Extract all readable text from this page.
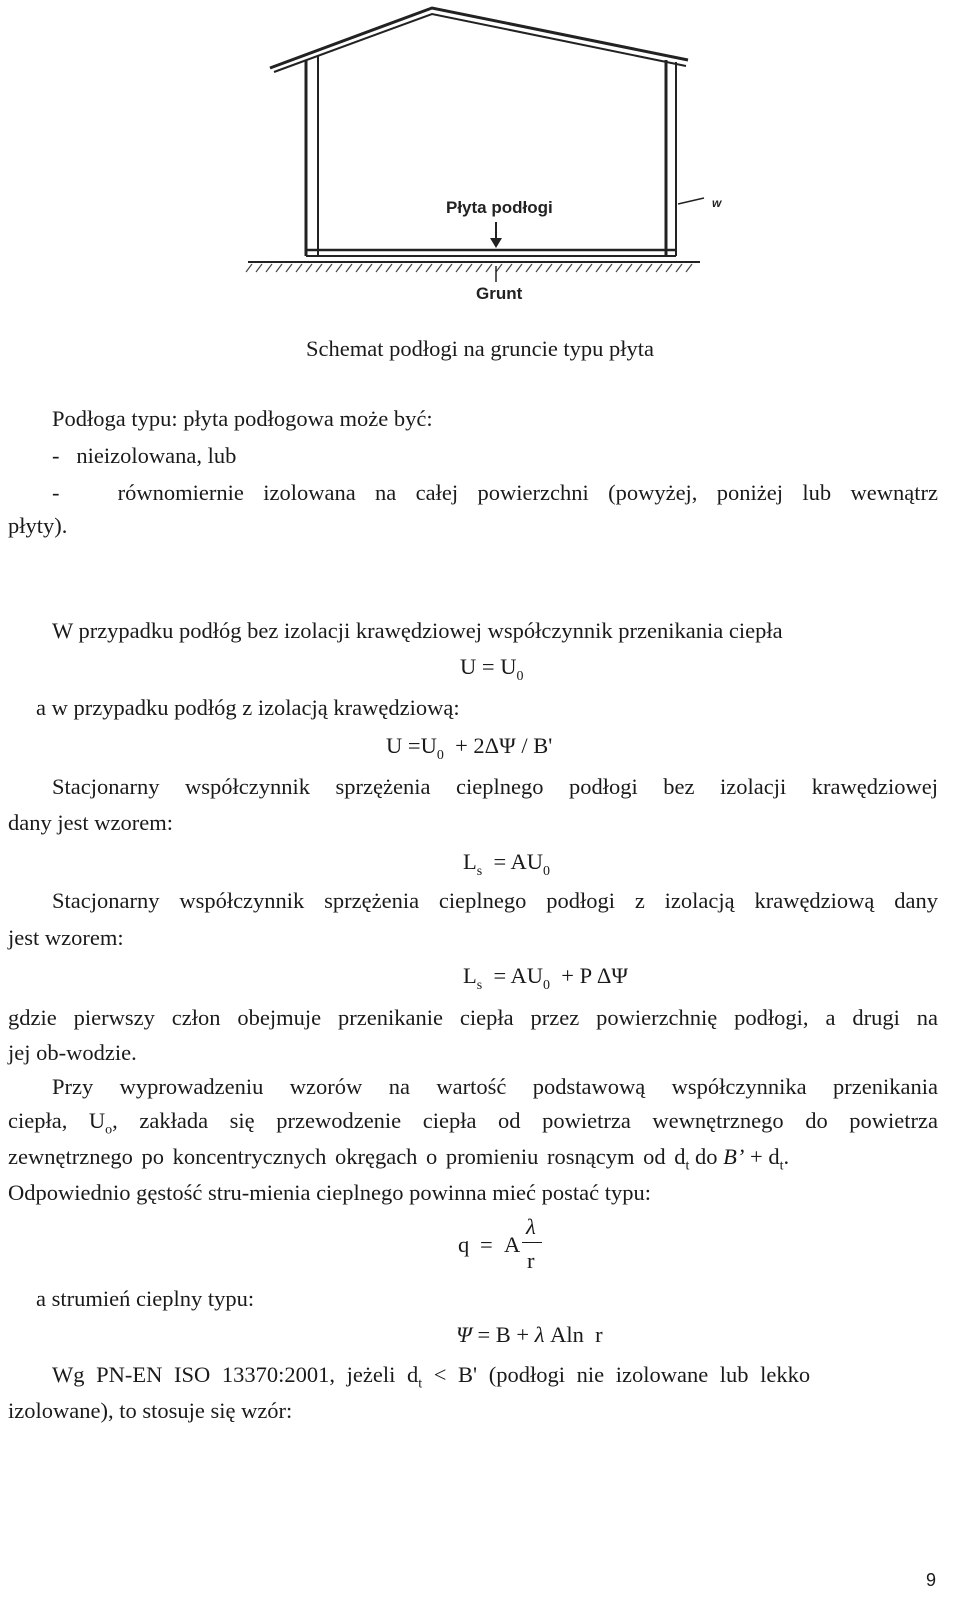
Płyta podłogi	w
Grunt
Schemat podłogi na gruncie typu płyta
Podłoga typu: płyta podłogowa może być:
-   nieizolowana, lub
-   równomiernie izolowana na całej powierzchni (powyżej, poniżej lub wewnątrz
płyty).
W przypadku podłóg bez izolacji krawędziowej współczynnik przenikania ciepła
$U = U_0$
a w przypadku podłóg z izolacją krawędziową:
$U =U_0 + 2\Delta\Psi / B'$
Stacjonarny współczynnik sprzężenia cieplnego podłogi bez izolacji krawędziowej
dany jest wzorem:
$L_s = AU_0$
Stacjonarny współczynnik sprzężenia cieplnego podłogi z izolacją krawędziową dany
jest wzorem:
$L_s = AU_0 + P$ ΔΨ
gdzie pierwszy człon obejmuje przenikanie ciepła przez powierzchnię podłogi, a drugi na
jej ob-wodzie.
Przy wyprowadzeniu wzorów na wartość podstawową współczynnika przenikania
ciepła, $U_o$, zakłada się przewodzenie ciepła od powietrza wewnętrznego do powietrza
zewnętrznego po koncentrycznych okręgach o promieniu rosnącym od $d_t$ do B’ + $d_t$.
Odpowiednio gęstość stru-mienia cieplnego powinna mieć postać typu:
q = A
λ
r
a strumień cieplny typu:
Ψ = B + λ Aln  r
Wg PN-EN ISO 13370:2001, jeżeli $d_t < B'$ (podłogi nie izolowane lub lekko
izolowane), to stosuje się wzór:
9
